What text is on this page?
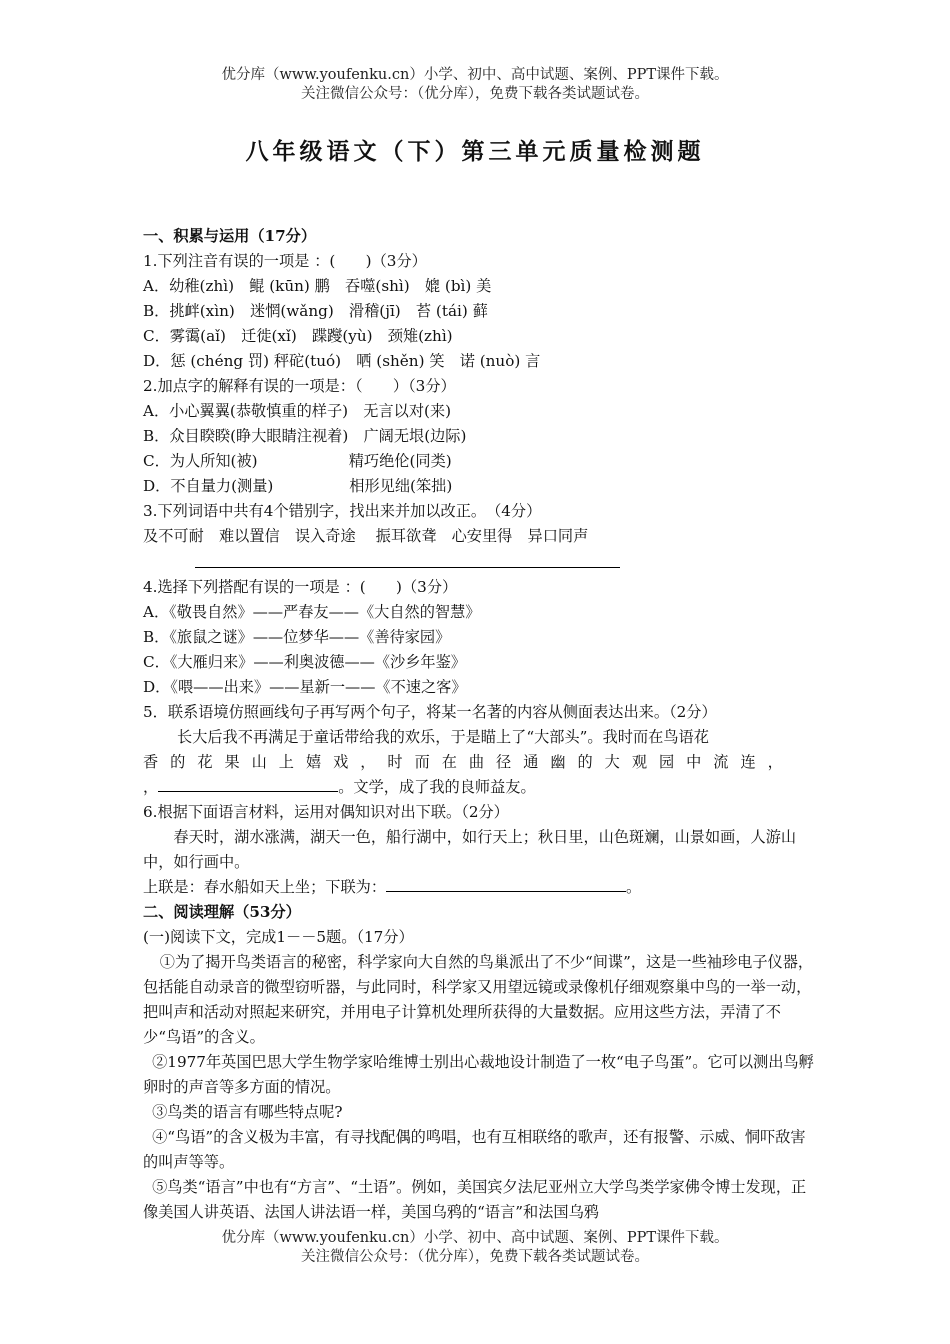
优分库（www.youfenku.cn）小学、初中、高中试题、案例、PPT课件下载。
关注微信公众号：（优分库），免费下载各类试题试卷。
八年级语文（下）第三单元质量检测题
一、积累与运用（17分）
1.下列注音有误的一项是 ：(　　)（3分）
A．幼稚(zhì)　鲲 (kūn) 鹏　吞噬(shì)　媲 (bì) 美
B．挑衅(xìn)　迷惘(wǎng)　滑稽(jī)　苔 (tái) 藓
C．雾霭(aǐ)　迁徙(xǐ)　蹀躞(yù)　颈雉(zhì)
D．惩 (chéng 罚) 秤砣(tuó)　哂 (shěn) 笑　诺 (nuò) 言
2.加点字的解释有误的一项是：（　　）（3分）
A．小心翼翼(恭敬慎重的样子)　无言以对(来)
B．众目睽睽(睁大眼睛注视着)　广阔无垠(边际)
C．为人所知(被)　　　　　　精巧绝伦(同类)
D．不自量力(测量)　　　　　相形见绌(笨拙)
3.下列词语中共有4个错别字，找出来并加以改正。　（4分）
及不可耐　难以置信　误入奇途　 振耳欲聋　心安里得　异口同声
4.选择下列搭配有误的一项是 ：(　　)（3分）
A．《敬畏自然》——严春友——《大自然的智慧》
B．《旅鼠之谜》——位梦华——《善待家园》
C．《大雁归来》——利奥波德——《沙乡年鉴》
D．《喂——出来》——星新一——《不速之客》
5．联系语境仿照画线句子再写两个句子，将某一名著的内容从侧面表达出来。（2分）
长大后我不再满足于童话带给我的欢乐，于是瞄上了“大部头”。我时而在鸟语花
香 的 花 果 山 上 嬉 戏 ， 时 而 在 曲 径 通 幽 的 大 观 园 中 流 连 ，
，	。文学，成了我的良师益友。
6.根据下面语言材料，运用对偶知识对出下联。（2分）
春天时，湖水涨满，湖天一色，船行湖中，如行天上；秋日里，山色斑斓，山景如画，人游山中，如行画中。
上联是：春水船如天上坐；下联为：	。
二、阅读理解（53分）
(一)阅读下文，完成1－－5题。（17分）
①为了揭开鸟类语言的秘密，科学家向大自然的鸟巢派出了不少“间谍”，这是一些袖珍电子仪器，包括能自动录音的微型窃听器，与此同时，科学家又用望远镜或录像机仔细观察巢中鸟的一举一动，把叫声和活动对照起来研究，并用电子计算机处理所获得的大量数据。应用这些方法，弄清了不少“鸟语”的含义。
②1977年英国巴思大学生物学家哈维博士别出心裁地设计制造了一枚“电子鸟蛋”。它可以测出鸟孵卵时的声音等多方面的情况。
③鸟类的语言有哪些特点呢?
④“鸟语”的含义极为丰富，有寻找配偶的鸣唱，也有互相联络的歌声，还有报警、示威、恫吓敌害的叫声等等。
⑤鸟类“语言”中也有“方言”、“土语”。例如，美国宾夕法尼亚州立大学鸟类学家佛令博士发现，正像美国人讲英语、法国人讲法语一样，美国乌鸦的“语言”和法国乌鸦
优分库（www.youfenku.cn）小学、初中、高中试题、案例、PPT课件下载。
关注微信公众号：（优分库），免费下载各类试题试卷。
